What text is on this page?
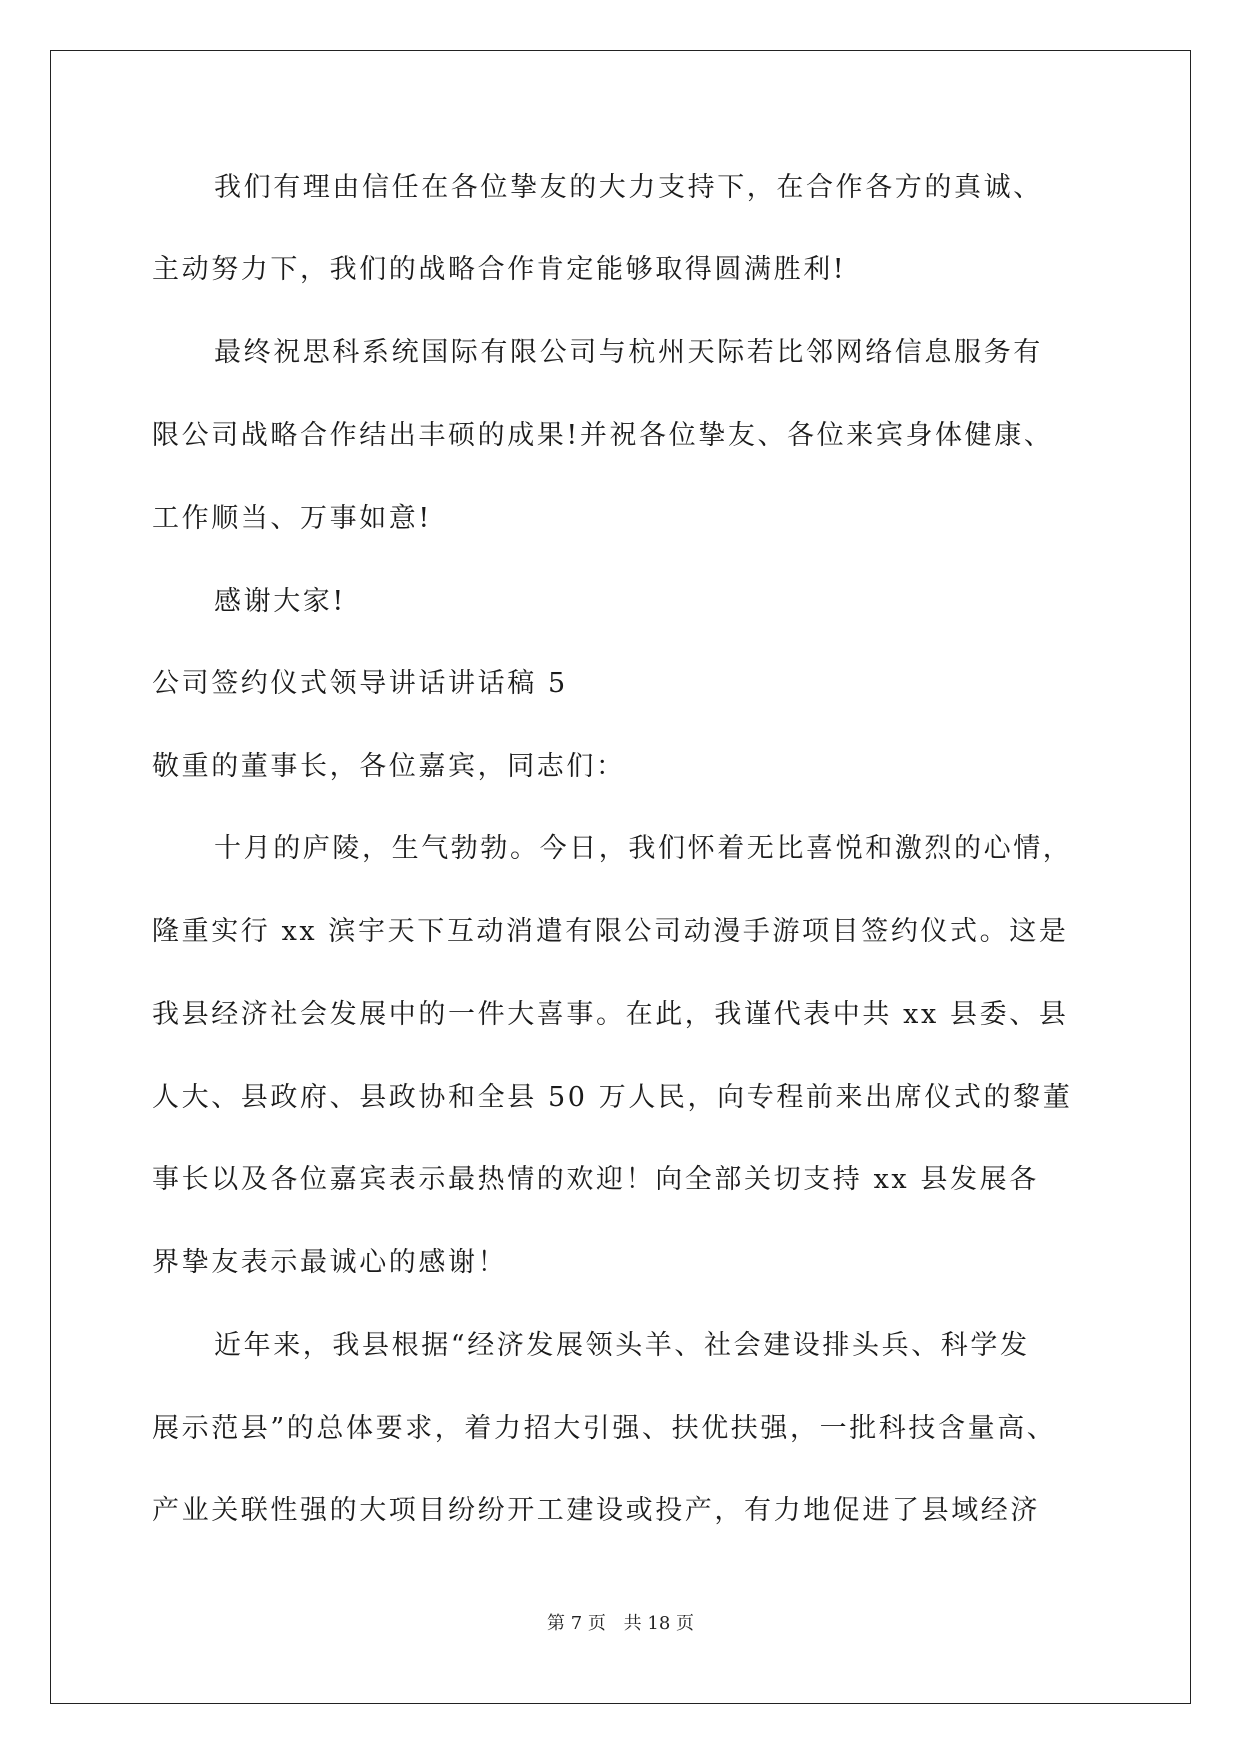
我们有理由信任在各位挚友的大力支持下，在合作各方的真诚、
主动努力下，我们的战略合作肯定能够取得圆满胜利!
最终祝思科系统国际有限公司与杭州天际若比邻网络信息服务有
限公司战略合作结出丰硕的成果!并祝各位挚友、各位来宾身体健康、
工作顺当、万事如意!
感谢大家!
公司签约仪式领导讲话讲话稿 5
敬重的董事长，各位嘉宾，同志们：
十月的庐陵，生气勃勃。今日，我们怀着无比喜悦和激烈的心情，
隆重实行 xx 滨宇天下互动消遣有限公司动漫手游项目签约仪式。这是
我县经济社会发展中的一件大喜事。在此，我谨代表中共 xx 县委、县
人大、县政府、县政协和全县 50 万人民，向专程前来出席仪式的黎董
事长以及各位嘉宾表示最热情的欢迎！向全部关切支持 xx 县发展各
界挚友表示最诚心的感谢！
近年来，我县根据“经济发展领头羊、社会建设排头兵、科学发
展示范县”的总体要求，着力招大引强、扶优扶强，一批科技含量高、
产业关联性强的大项目纷纷开工建设或投产，有力地促进了县域经济
第 7 页 共 18 页
